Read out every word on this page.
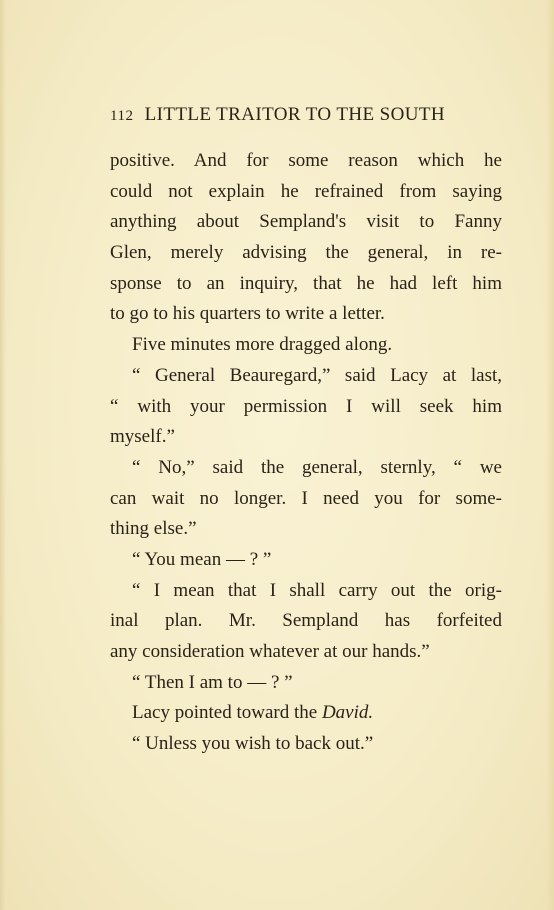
112 LITTLE TRAITOR TO THE SOUTH
positive. And for some reason which he
could not explain he refrained from saying
anything about Sempland's visit to Fanny
Glen, merely advising the general, in re-
sponse to an inquiry, that he had left him
to go to his quarters to write a letter.
Five minutes more dragged along.
“ General Beauregard,” said Lacy at last,
“ with your permission I will seek him
myself.”
“ No,” said the general, sternly, “ we
can wait no longer. I need you for some-
thing else.”
“ You mean — ? ”
“ I mean that I shall carry out the orig-
inal plan. Mr. Sempland has forfeited
any consideration whatever at our hands.”
“ Then I am to — ? ”
Lacy pointed toward the David.
“ Unless you wish to back out.”
